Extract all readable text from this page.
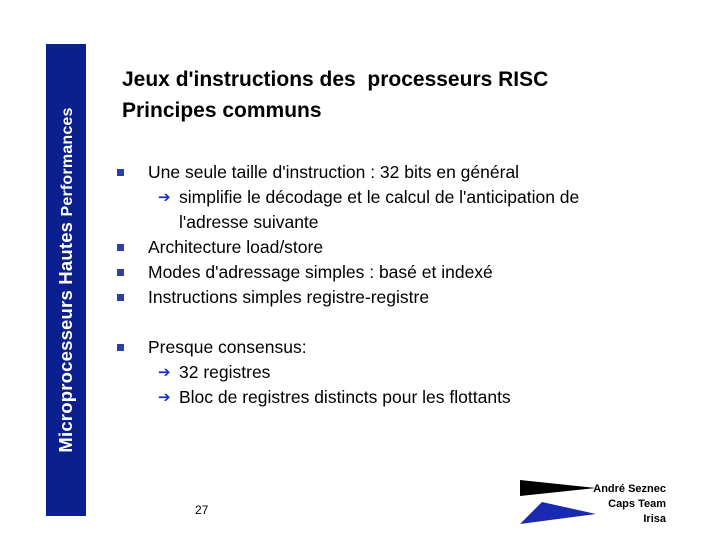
Microprocesseurs Hautes Performances
Jeux d'instructions des  processeurs RISC
Principes communs
Une seule taille d'instruction : 32 bits en général
➔ simplifie le décodage et le calcul de l'anticipation de
l'adresse suivante
Architecture load/store
Modes d'adressage simples : basé et indexé
Instructions simples registre-registre
Presque consensus:
➔ 32 registres
➔ Bloc de registres distincts pour les flottants
27
André Seznec
Caps Team
Irisa
